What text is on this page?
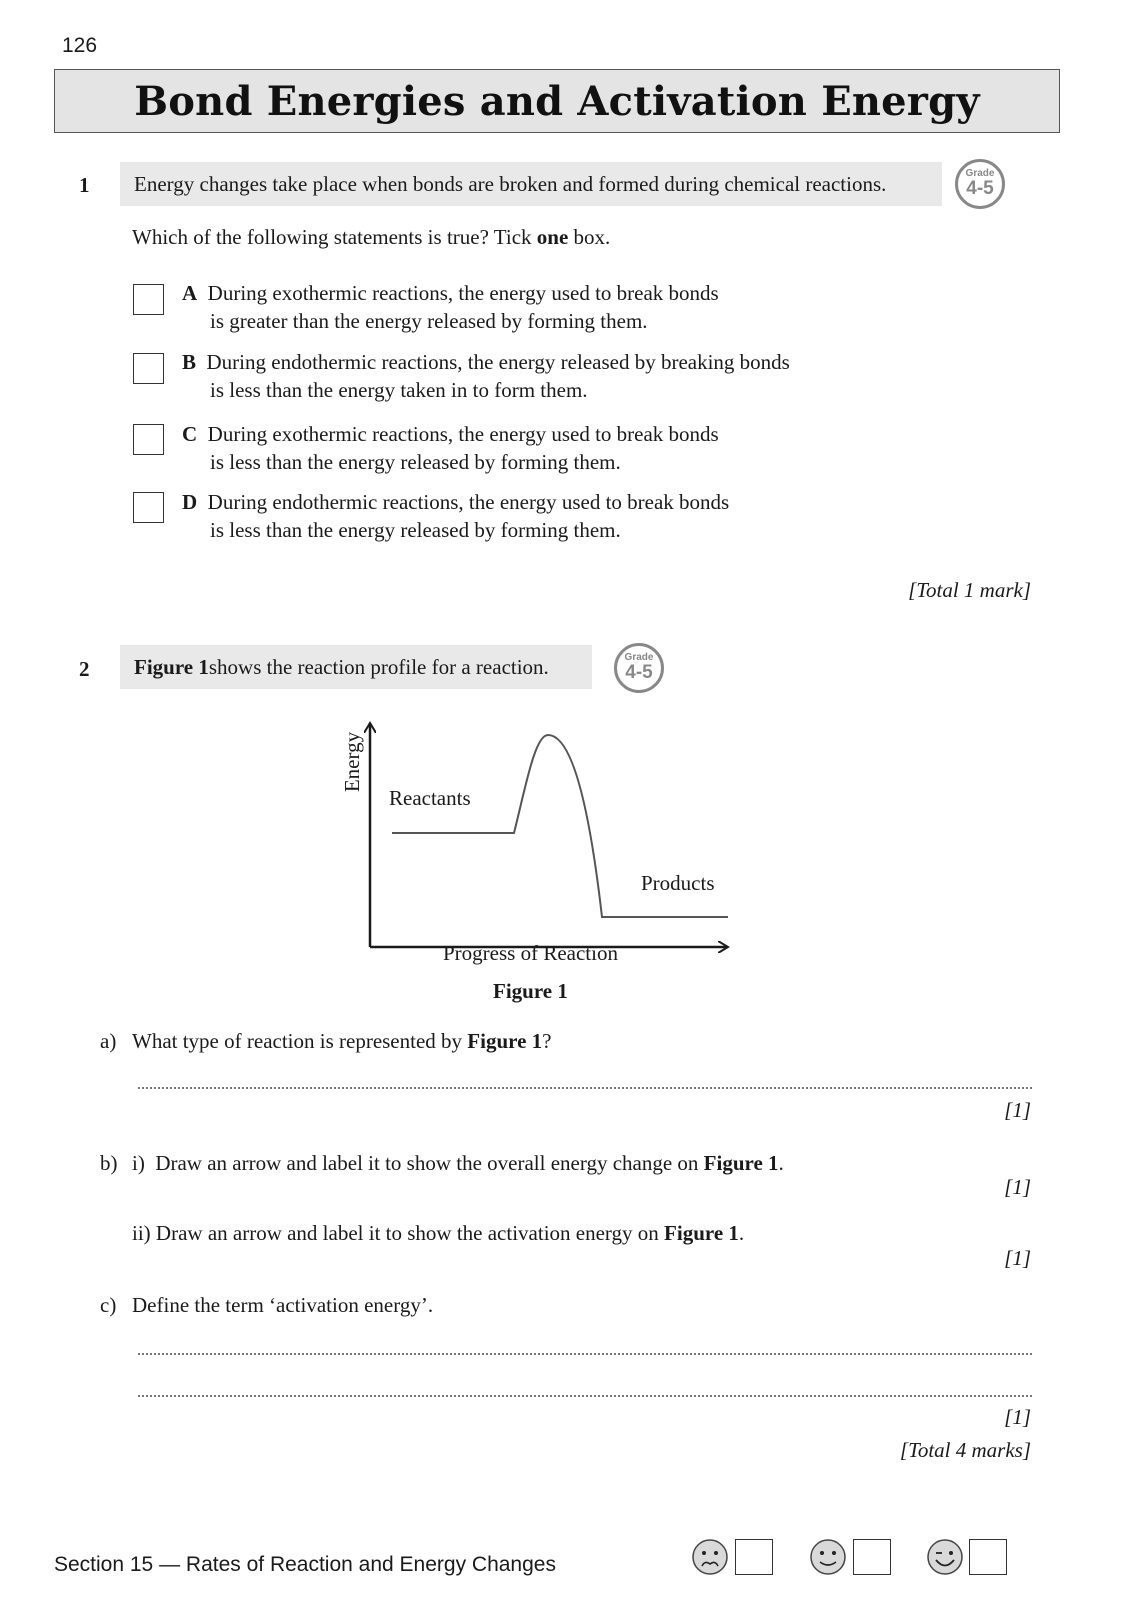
126
Bond Energies and Activation Energy
1 Energy changes take place when bonds are broken and formed during chemical reactions.	Grade
4-5
Which of the following statements is true? Tick one box.
A During exothermic reactions, the energy used to break bonds
is greater than the energy released by forming them.
B During endothermic reactions, the energy released by breaking bonds
is less than the energy taken in to form them.
C During exothermic reactions, the energy used to break bonds
is less than the energy released by forming them.
D During endothermic reactions, the energy used to break bonds
is less than the energy released by forming them.
[Total 1 mark]
2 Figure 1 shows the reaction profile for a reaction.	Grade
4-5
Energy
Reactants
Products
Progress of Reaction
Figure 1
a) What type of reaction is represented by Figure 1?
[1]
b) i) Draw an arrow and label it to show the overall energy change on Figure 1.
[1]
ii) Draw an arrow and label it to show the activation energy on Figure 1.
[1]
c) Define the term ‘activation energy’.
[1]
[Total 4 marks]
Section 15 — Rates of Reaction and Energy Changes
